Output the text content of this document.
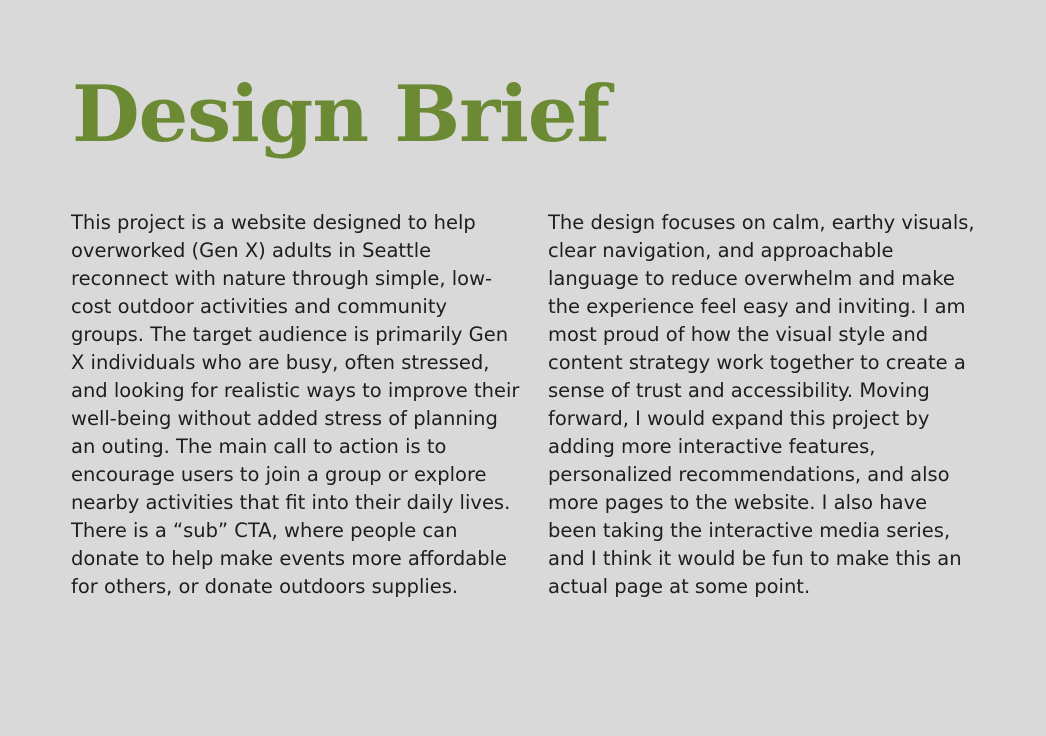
Design Brief

This project is a website designed to help
overworked (Gen X) adults in Seattle
reconnect with nature through simple, low-
cost outdoor activities and community
groups. The target audience is primarily Gen
X individuals who are busy, often stressed,
and looking for realistic ways to improve their
well-being without added stress of planning
an outing. The main call to action is to
encourage users to join a group or explore
nearby activities that fit into their daily lives.
There is a “sub” CTA, where people can
donate to help make events more affordable
for others, or donate outdoors supplies.

The design focuses on calm, earthy visuals,
clear navigation, and approachable
language to reduce overwhelm and make
the experience feel easy and inviting. I am
most proud of how the visual style and
content strategy work together to create a
sense of trust and accessibility. Moving
forward, I would expand this project by
adding more interactive features,
personalized recommendations, and also
more pages to the website. I also have
been taking the interactive media series,
and I think it would be fun to make this an
actual page at some point.
